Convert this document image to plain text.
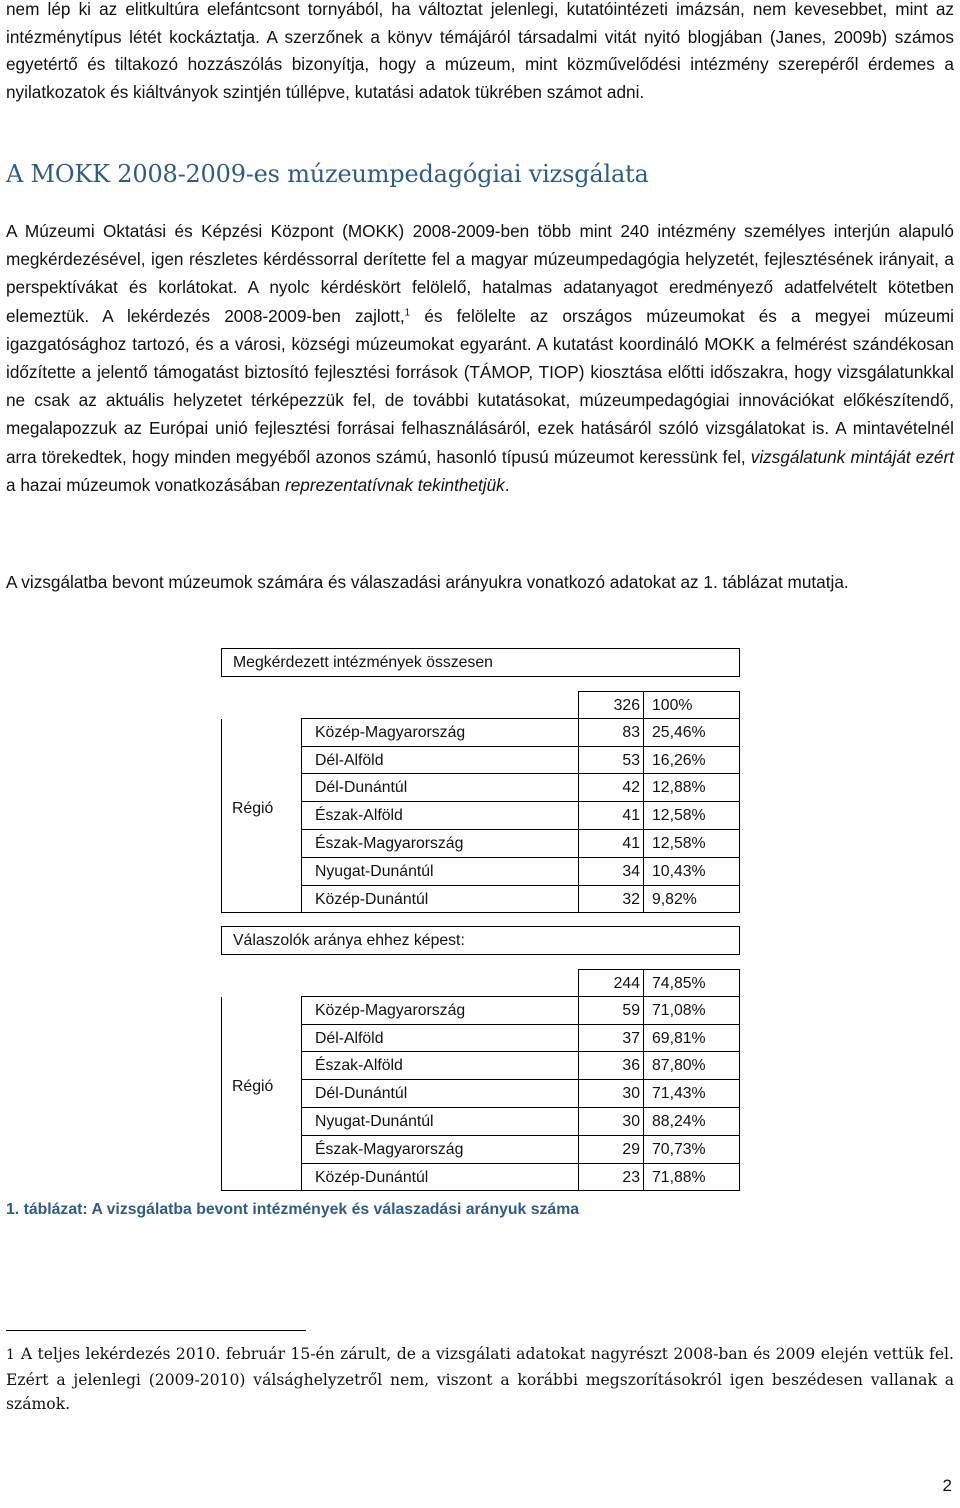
nem lép ki az elitkultúra elefántcsont tornyából, ha változtat jelenlegi, kutatóintézeti imázsán, nem kevesebbet, mint az intézménytípus létét kockáztatja. A szerzőnek a könyv témájáról társadalmi vitát nyitó blogjában (Janes, 2009b) számos egyetértő és tiltakozó hozzászólás bizonyítja, hogy a múzeum, mint közművelődési intézmény szerepéről érdemes a nyilatkozatok és kiáltványok szintjén túllépve, kutatási adatok tükrében számot adni.

A MOKK 2008-2009-es múzeumpedagógiai vizsgálata

A Múzeumi Oktatási és Képzési Központ (MOKK) 2008-2009-ben több mint 240 intézmény személyes interjún alapuló megkérdezésével, igen részletes kérdéssorral derítette fel a magyar múzeumpedagógia helyzetét, fejlesztésének irányait, a perspektívákat és korlátokat. A nyolc kérdéskört felölelő, hatalmas adatanyagot eredményező adatfelvételt kötetben elemeztük. A lekérdezés 2008-2009-ben zajlott,$^1$ és felölelte az országos múzeumokat és a megyei múzeumi igazgatósághoz tartozó, és a városi, községi múzeumokat egyaránt. A kutatást koordináló MOKK a felmérést szándékosan időzítette a jelentő támogatást biztosító fejlesztési források (TÁMOP, TIOP) kiosztása előtti időszakra, hogy vizsgálatunkkal ne csak az aktuális helyzetet térképezzük fel, de további kutatásokat, múzeumpedagógiai innovációkat előkészítendő, megalapozzuk az Európai unió fejlesztési forrásai felhasználásáról, ezek hatásáról szóló vizsgálatokat is. A mintavételnél arra törekedtek, hogy minden megyéből azonos számú, hasonló típusú múzeumot keressünk fel, vizsgálatunk mintáját ezért a hazai múzeumok vonatkozásában reprezentatívnak tekinthetjük.

A vizsgálatba bevont múzeumok számára és válaszadási arányukra vonatkozó adatokat az 1. táblázat mutatja.

Megkérdezett intézmények összesen
326 100%
Régió
Közép-Magyarország	83 25,46%
Dél-Alföld	53 16,26%
Dél-Dunántúl	42 12,88%
Észak-Alföld	41 12,58%
Észak-Magyarország	41 12,58%
Nyugat-Dunántúl	34 10,43%
Közép-Dunántúl	32 9,82%
Válaszolók aránya ehhez képest:
244 74,85%
Régió
Közép-Magyarország	59 71,08%
Dél-Alföld	37 69,81%
Észak-Alföld	36 87,80%
Dél-Dunántúl	30 71,43%
Nyugat-Dunántúl	30 88,24%
Észak-Magyarország	29 70,73%
Közép-Dunántúl	23 71,88%
1. táblázat: A vizsgálatba bevont intézmények és válaszadási arányuk száma
1 A teljes lekérdezés 2010. február 15-én zárult, de a vizsgálati adatokat nagyrészt 2008-ban és 2009 elején vettük fel. Ezért a jelenlegi (2009-2010) válsághelyzetről nem, viszont a korábbi megszorításokról igen beszédesen vallanak a számok.
2
